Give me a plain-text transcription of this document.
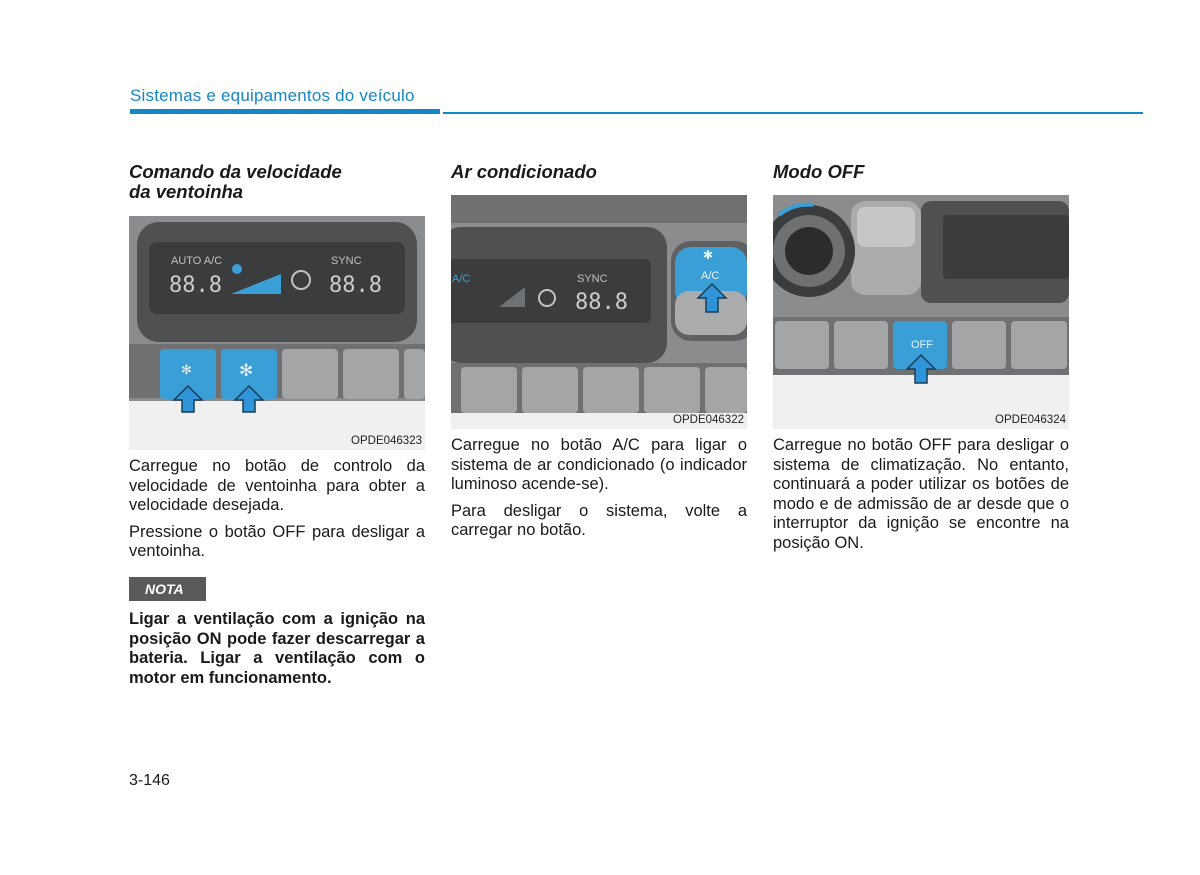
Sistemas e equipamentos do veículo
Comando da velocidade
da ventoinha
AUTO A/C	SYNC
88.8	88.8
✻	✻
OPDE046323

Carregue no botão de controlo da velocidade de ventoinha para obter a velocidade desejada.

Pressione o botão OFF para desligar a ventoinha.

NOTA
Ligar a ventilação com a ignição na posição ON pode fazer descarregar a bateria. Ligar a ventilação com o motor em funcionamento.
Ar condicionado
A/C	SYNC
88.8
A/C
✱
OPDE046322

Carregue no botão A/C para ligar o sistema de ar condicionado (o indicador luminoso acende-se).

Para desligar o sistema, volte a carregar no botão.

Modo OFF
OFF
OPDE046324

Carregue no botão OFF para desligar o sistema de climatização. No entanto, continuará a poder utilizar os botões de modo e de admissão de ar desde que o interruptor da ignição se encontre na posição ON.

3-146
